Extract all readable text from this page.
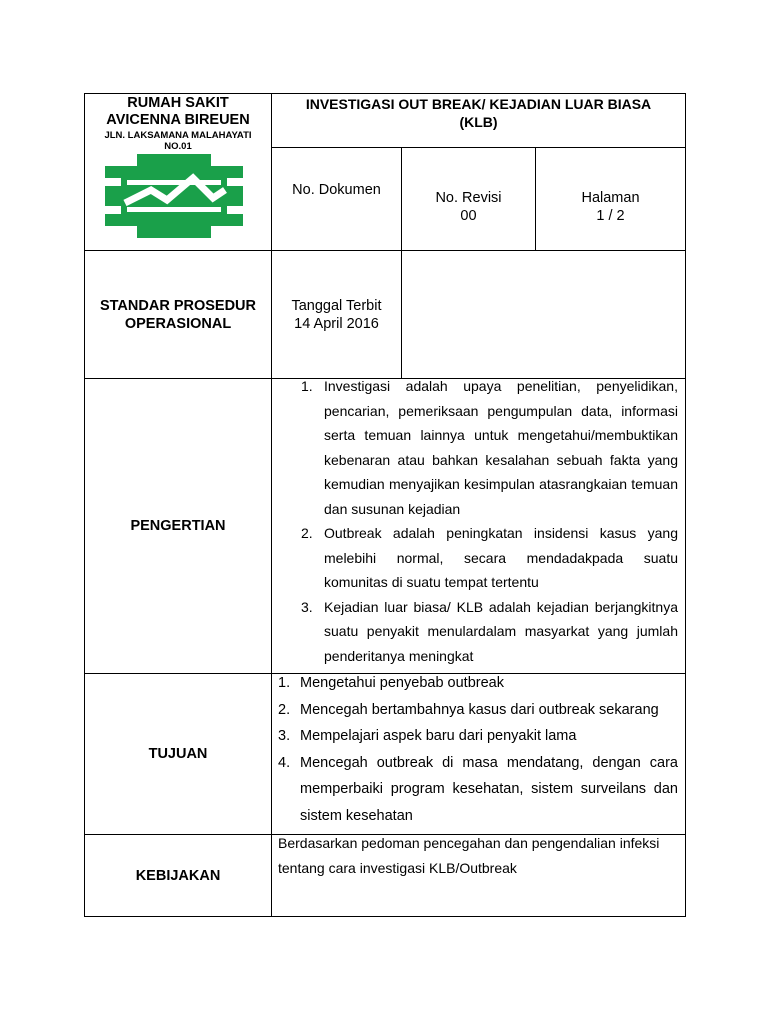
RUMAH SAKIT
AVICENNA BIREUEN
JLN. LAKSAMANA MALAHAYATI
NO.01
INVESTIGASI OUT BREAK/ KEJADIAN LUAR BIASA
(KLB)
No. Dokumen	No. Revisi
00
Halaman
1 / 2
STANDAR PROSEDUR
OPERASIONAL
Tanggal Terbit
14 April 2016
PENGERTIAN
1. Investigasi adalah upaya penelitian, penyelidikan, pencarian, pemeriksaan pengumpulan data, informasi serta temuan lainnya untuk mengetahui/membuktikan kebenaran atau bahkan kesalahan sebuah fakta yang kemudian menyajikan kesimpulan atasrangkaian temuan dan susunan kejadian
2. Outbreak adalah peningkatan insidensi kasus yang melebihi normal, secara mendadakpada suatu komunitas di suatu tempat tertentu
3. Kejadian luar biasa/ KLB adalah kejadian berjangkitnya suatu penyakit menulardalam masyarkat yang jumlah penderitanya meningkat
TUJUAN
1. Mengetahui penyebab outbreak
2. Mencegah bertambahnya kasus dari outbreak sekarang
3. Mempelajari aspek baru dari penyakit lama
4. Mencegah outbreak di masa mendatang, dengan cara memperbaiki program kesehatan, sistem surveilans dan sistem kesehatan
KEBIJAKAN
Berdasarkan pedoman pencegahan dan pengendalian infeksi tentang cara investigasi KLB/Outbreak
